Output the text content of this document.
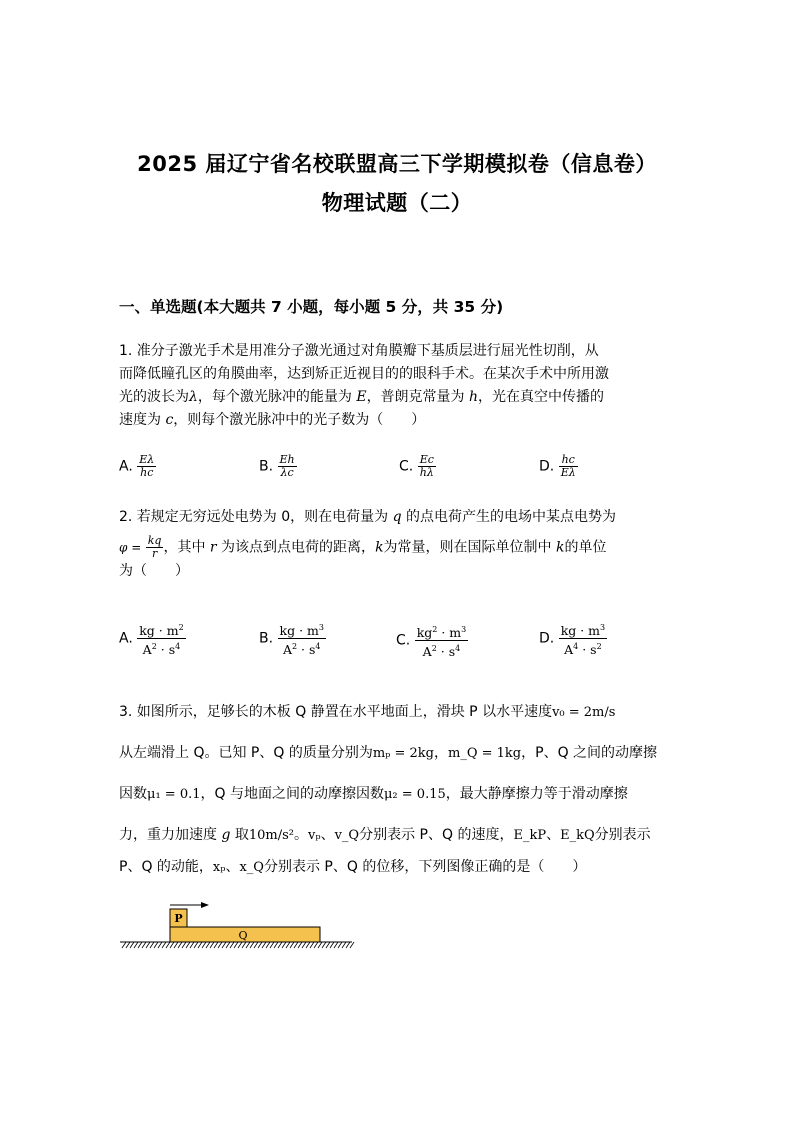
2025 届辽宁省名校联盟高三下学期模拟卷（信息卷）
物理试题（二）
一、单选题(本大题共 7 小题，每小题 5 分，共 35 分)
1. 准分子激光手术是用准分子激光通过对角膜瓣下基质层进行屈光性切削，从
而降低瞳孔区的角膜曲率，达到矫正近视目的的眼科手术。在某次手术中所用激
光的波长为λ，每个激光脉冲的能量为 E，普朗克常量为 h，光在真空中传播的
速度为 c，则每个激光脉冲中的光子数为（　　）
A. $\frac{E\lambda}{hc}$	B. $\frac{Eh}{\lambda c}$	C. $\frac{Ec}{h\lambda}$	D. $\frac{hc}{E\lambda}$
2. 若规定无穷远处电势为 0，则在电荷量为 q 的点电荷产生的电场中某点电势为
$\varphi = \frac{kq}{r}$ ，其中 r 为该点到点电荷的距离，k为常量，则在国际单位制中 k的单位
为（　　）
A. $\frac{kg \cdot m^2}{A^2 \cdot s^4}$	B. $\frac{kg \cdot m^3}{A^2 \cdot s^4}$	C. $\frac{kg^2 \cdot m^3}{A^2 \cdot s^4}$	D. $\frac{kg \cdot m^3}{A^4 \cdot s^2}$
3. 如图所示，足够长的木板 Q 静置在水平地面上，滑块 P 以水平速度v₀ = 2m/s
从左端滑上 Q。已知 P、Q 的质量分别为mₚ = 2kg，m_Q = 1kg，P、Q 之间的动摩擦
因数μ₁ = 0.1，Q 与地面之间的动摩擦因数μ₂ = 0.15，最大静摩擦力等于滑动摩擦
力，重力加速度 g 取10m/s²。vₚ、v_Q分别表示 P、Q 的速度，E_kP、E_kQ分别表示
P、Q 的动能，xₚ、x_Q分别表示 P、Q 的位移，下列图像正确的是（　　）
P
Q
